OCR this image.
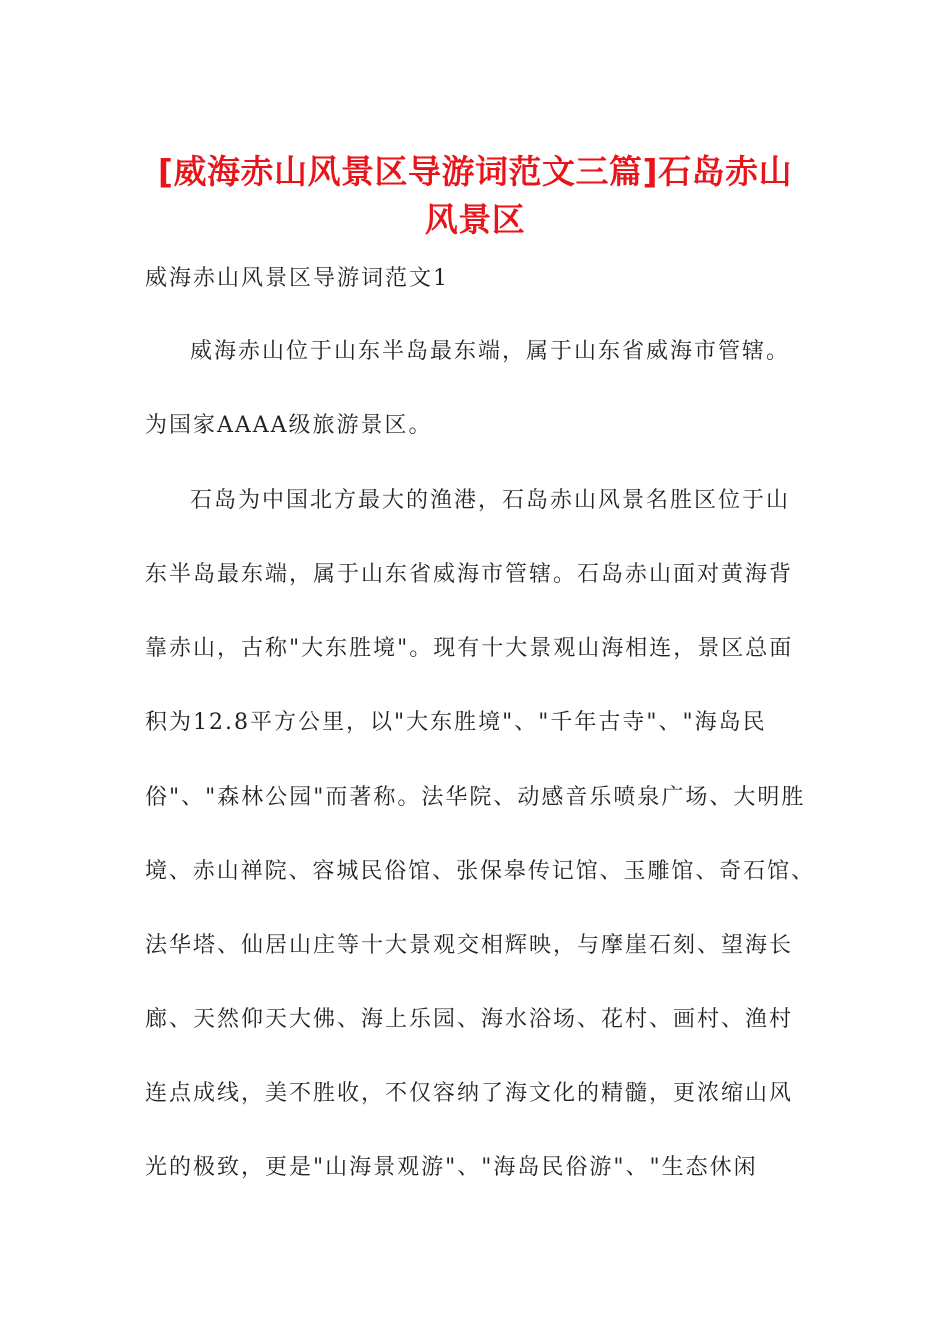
[威海赤山风景区导游词范文三篇]石岛赤山
风景区
威海赤山风景区导游词范文1
威海赤山位于山东半岛最东端，属于山东省威海市管辖。
为国家AAAA级旅游景区。
石岛为中国北方最大的渔港，石岛赤山风景名胜区位于山
东半岛最东端，属于山东省威海市管辖。石岛赤山面对黄海背
靠赤山，古称"大东胜境"。现有十大景观山海相连，景区总面
积为12.8平方公里，以"大东胜境"、"千年古寺"、"海岛民
俗"、"森林公园"而著称。法华院、动感音乐喷泉广场、大明胜
境、赤山禅院、容城民俗馆、张保皋传记馆、玉雕馆、奇石馆、
法华塔、仙居山庄等十大景观交相辉映，与摩崖石刻、望海长
廊、天然仰天大佛、海上乐园、海水浴场、花村、画村、渔村
连点成线，美不胜收，不仅容纳了海文化的精髓，更浓缩山风
光的极致，更是"山海景观游"、"海岛民俗游"、"生态休闲
